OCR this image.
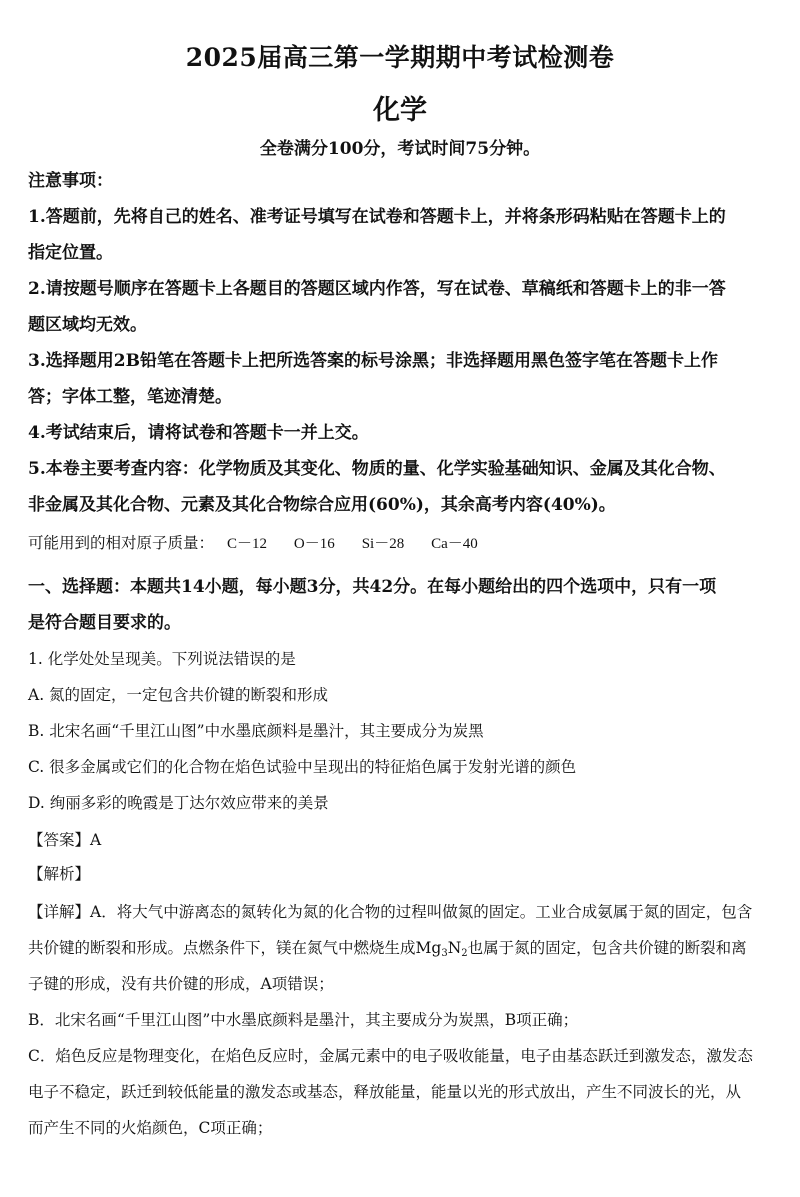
2025届高三第一学期期中考试检测卷
化学
全卷满分100分，考试时间75分钟。
注意事项：
1.答题前，先将自己的姓名、准考证号填写在试卷和答题卡上，并将条形码粘贴在答题卡上的
指定位置。
2.请按题号顺序在答题卡上各题目的答题区域内作答，写在试卷、草稿纸和答题卡上的非一答
题区域均无效。
3.选择题用2B铅笔在答题卡上把所选答案的标号涂黑；非选择题用黑色签字笔在答题卡上作
答；字体工整，笔迹清楚。
4.考试结束后，请将试卷和答题卡一并上交。
5.本卷主要考查内容：化学物质及其变化、物质的量、化学实验基础知识、金属及其化合物、
非金属及其化合物、元素及其化合物综合应用(60%)，其余高考内容(40%)。
可能用到的相对原子质量： C－12 O－16 Si－28 Ca－40
一、选择题：本题共14小题，每小题3分，共42分。在每小题给出的四个选项中，只有一项
是符合题目要求的。
1. 化学处处呈现美。下列说法错误的是
A. 氮的固定，一定包含共价键的断裂和形成
B. 北宋名画“千里江山图”中水墨底颜料是墨汁，其主要成分为炭黑
C. 很多金属或它们的化合物在焰色试验中呈现出的特征焰色属于发射光谱的颜色
D. 绚丽多彩的晚霞是丁达尔效应带来的美景
【答案】A
【解析】
【详解】A．将大气中游离态的氮转化为氮的化合物的过程叫做氮的固定。工业合成氨属于氮的固定，包含
共价键的断裂和形成。点燃条件下，镁在氮气中燃烧生成$Mg_3N_2$也属于氮的固定，包含共价键的断裂和离
子键的形成，没有共价键的形成，A项错误；
B．北宋名画“千里江山图”中水墨底颜料是墨汁，其主要成分为炭黑，B项正确；
C．焰色反应是物理变化，在焰色反应时，金属元素中的电子吸收能量，电子由基态跃迁到激发态，激发态
电子不稳定，跃迁到较低能量的激发态或基态，释放能量，能量以光的形式放出，产生不同波长的光，从
而产生不同的火焰颜色，C项正确；
